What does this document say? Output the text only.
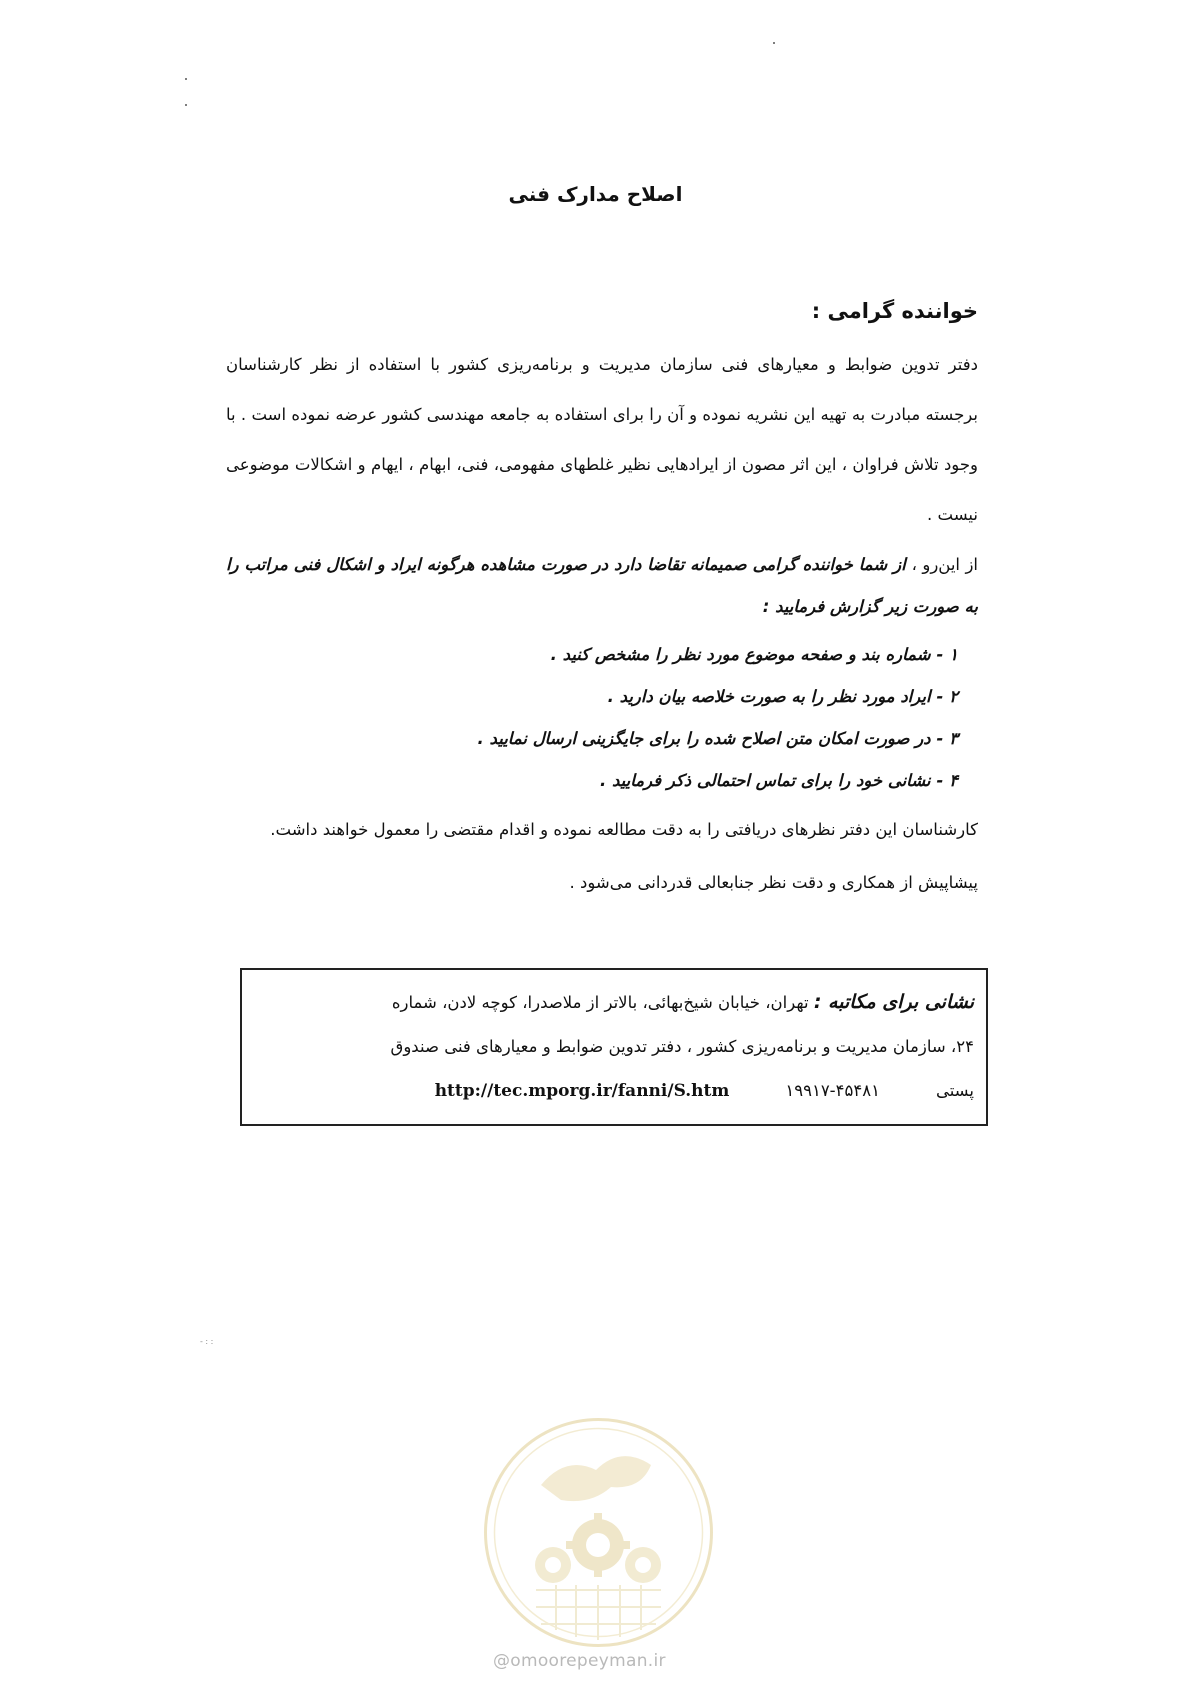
اصلاح مدارک فنی
خواننده گرامی :

دفتر تدوین ضوابط و معیارهای فنی سازمان مدیریت و برنامه‌ریزی کشور با استفاده از نظر کارشناسان برجسته مبادرت به تهیه این نشریه نموده و آن را برای استفاده به جامعه مهندسی کشور عرضه نموده است . با وجود تلاش فراوان ، این اثر مصون از ایرادهایی نظیر غلطهای مفهومی، فنی، ابهام ، ایهام و اشکالات موضوعی نیست .

از این‌رو ، از شما خواننده گرامی صمیمانه تقاضا دارد در صورت مشاهده هرگونه ایراد و اشکال فنی مراتب را به صورت زیر گزارش فرمایید :

۱ -شماره بند و صفحه موضوع مورد نظر را مشخص کنید .
۲ -ایراد مورد نظر را به صورت خلاصه بیان دارید .
۳ -در صورت امکان متن اصلاح شده را برای جایگزینی ارسال نمایید .
۴ -نشانی خود را برای تماس احتمالی ذکر فرمایید .

کارشناسان این دفتر نظرهای دریافتی را به دقت مطالعه نموده و اقدام مقتضی را معمول خواهند داشت.

پیشاپیش از همکاری و دقت نظر جنابعالی قدردانی می‌شود .

نشانی برای مکاتبه : تهران، خیابان شیخ‌بهائی، بالاتر از ملاصدرا، کوچه لادن، شماره

۲۴، سازمان مدیریت و برنامه‌ریزی کشور ، دفتر تدوین ضوابط و معیارهای فنی صندوق

پستی
۱۹۹۱۷-۴۵۴۸۱
http://tec.mporg.ir/fanni/S.htm
- : :
@omoorepeyman.ir
